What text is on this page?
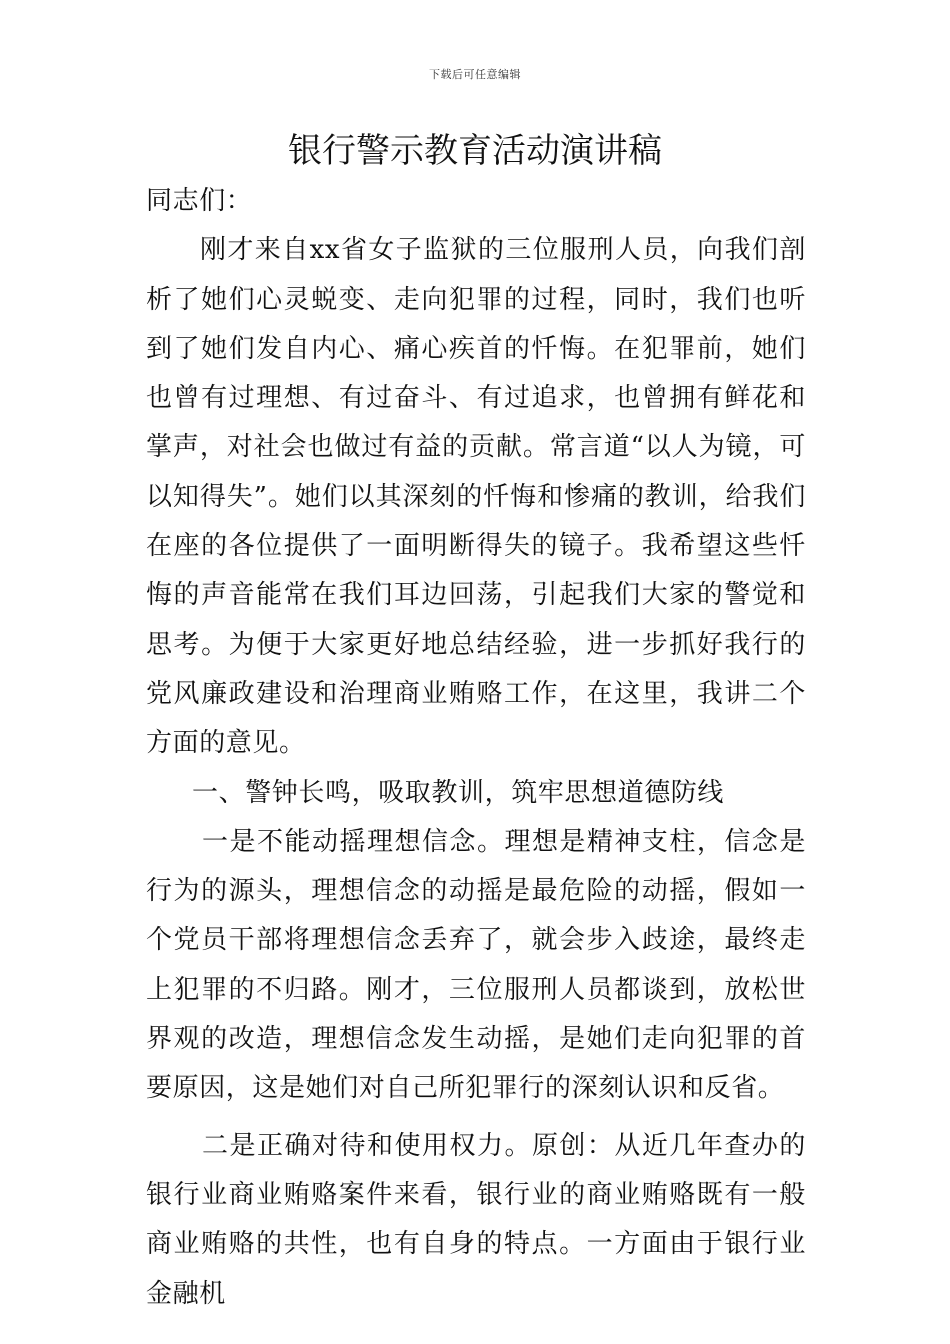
下载后可任意编辑
银行警示教育活动演讲稿

同志们：

刚才来自xx省女子监狱的三位服刑人员，向我们剖析了她们心灵蜕变、走向犯罪的过程，同时，我们也听到了她们发自内心、痛心疾首的忏悔。在犯罪前，她们也曾有过理想、有过奋斗、有过追求，也曾拥有鲜花和掌声，对社会也做过有益的贡献。常言道“以人为镜，可以知得失”。她们以其深刻的忏悔和惨痛的教训，给我们在座的各位提供了一面明断得失的镜子。我希望这些忏悔的声音能常在我们耳边回荡，引起我们大家的警觉和思考。为便于大家更好地总结经验，进一步抓好我行的党风廉政建设和治理商业贿赂工作，在这里，我讲二个方面的意见。

一、警钟长鸣，吸取教训，筑牢思想道德防线

一是不能动摇理想信念。理想是精神支柱，信念是行为的源头，理想信念的动摇是最危险的动摇，假如一个党员干部将理想信念丢弃了，就会步入歧途，最终走上犯罪的不归路。刚才，三位服刑人员都谈到，放松世界观的改造，理想信念发生动摇，是她们走向犯罪的首要原因，这是她们对自己所犯罪行的深刻认识和反省。

二是正确对待和使用权力。原创：从近几年查办的银行业商业贿赂案件来看，银行业的商业贿赂既有一般商业贿赂的共性，也有自身的特点。一方面由于银行业金融机
